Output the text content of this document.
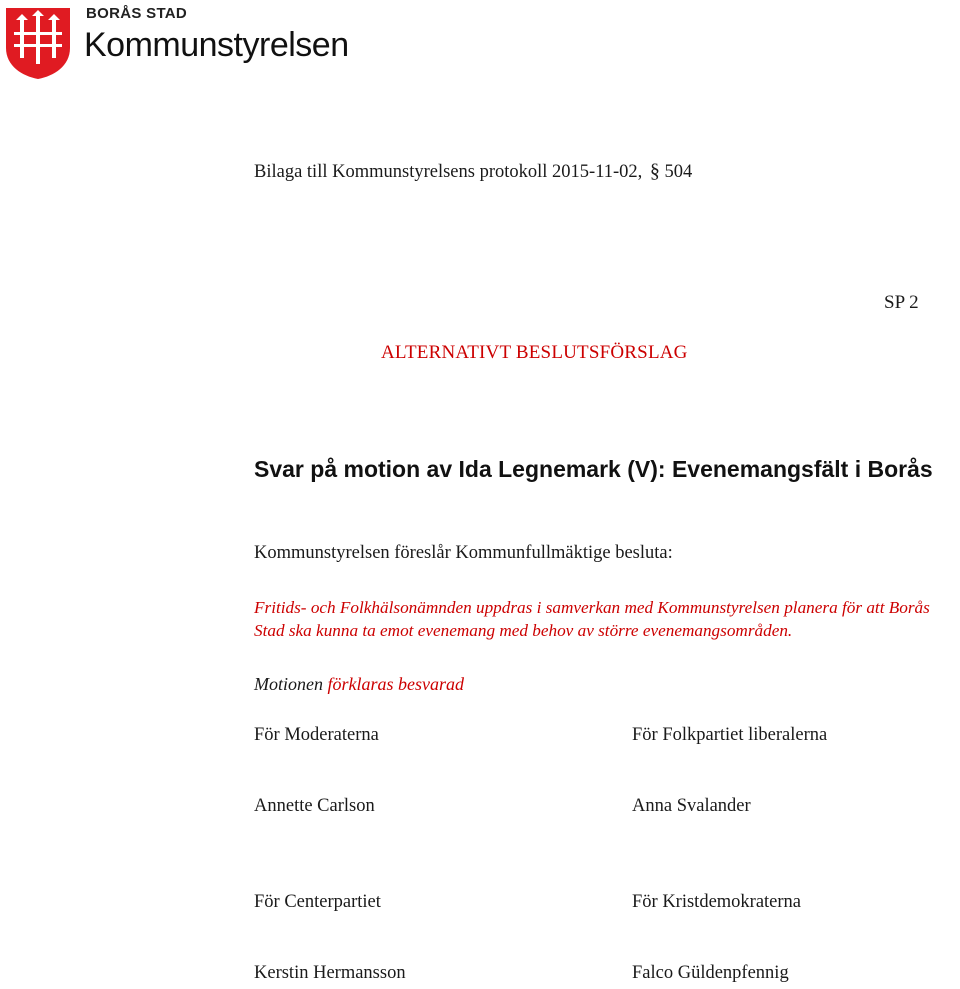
BORÅS STAD
Kommunstyrelsen
Bilaga till Kommunstyrelsens protokoll 2015-11-02, § 504
SP 2
ALTERNATIVT BESLUTSFÖRSLAG
Svar på motion av Ida Legnemark (V): Evenemangsfält i Borås
Kommunstyrelsen föreslår Kommunfullmäktige besluta:
Fritids- och Folkhälsonämnden uppdras i samverkan med Kommunstyrelsen planera för att Borås Stad ska kunna ta emot evenemang med behov av större evenemangsområden.
Motionen förklaras besvarad
För Moderaterna
Annette Carlson
För Folkpartiet liberalerna
Anna Svalander
För Centerpartiet
Kerstin Hermansson
För Kristdemokraterna
Falco Güldenpfennig
